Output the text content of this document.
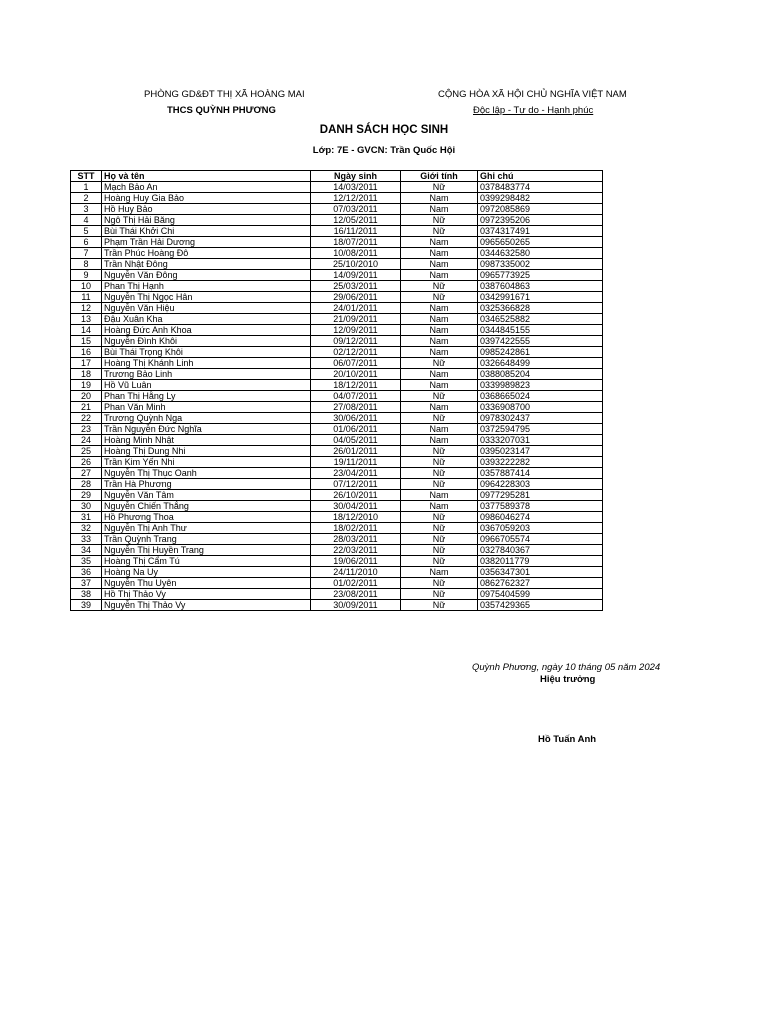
PHÒNG GD&ĐT THỊ XÃ HOÀNG MAI
THCS QUỲNH PHƯƠNG
CỘNG HÒA XÃ HỘI CHỦ NGHĨA VIỆT NAM
Độc lập - Tự do - Hạnh phúc
DANH SÁCH HỌC SINH
Lớp: 7E - GVCN: Trần Quốc Hội
STT	Họ và tên	Ngày sinh	Giới tính	Ghi chú
1	Mạch Bảo An	14/03/2011	Nữ	0378483774
2	Hoàng Huy Gia Bảo	12/12/2011	Nam	0399298482
3	Hồ Huy Bảo	07/03/2011	Nam	0972085869
4	Ngô Thị Hải Băng	12/05/2011	Nữ	0972395206
5	Bùi Thái Khởi Chi	16/11/2011	Nữ	0374317491
6	Phạm Trần Hải Dương	18/07/2011	Nam	0965650265
7	Trần Phúc Hoàng Đô	10/08/2011	Nam	0344632580
8	Trần Nhật Đông	25/10/2010	Nam	0987335002
9	Nguyễn Văn Đông	14/09/2011	Nam	0965773925
10	Phan Thị Hạnh	25/03/2011	Nữ	0387604863
11	Nguyễn Thị Ngọc Hân	29/06/2011	Nữ	0342991671
12	Nguyễn Văn Hiệu	24/01/2011	Nam	0325366828
13	Đậu Xuân Kha	21/09/2011	Nam	0346525882
14	Hoàng Đức Anh Khoa	12/09/2011	Nam	0344845155
15	Nguyễn Đình Khôi	09/12/2011	Nam	0397422555
16	Bùi Thái Trọng Khôi	02/12/2011	Nam	0985242861
17	Hoàng Thị Khánh Linh	06/07/2011	Nữ	0326648499
18	Trương Bảo Linh	20/10/2011	Nam	0388085204
19	Hồ Vũ Luân	18/12/2011	Nam	0339989823
20	Phan Thị Hằng Ly	04/07/2011	Nữ	0368665024
21	Phan Văn Minh	27/08/2011	Nam	0336908700
22	Trương Quỳnh Nga	30/06/2011	Nữ	0978302437
23	Trần Nguyễn Đức Nghĩa	01/06/2011	Nam	0372594795
24	Hoàng Minh Nhật	04/05/2011	Nam	0333207031
25	Hoàng Thị Dung Nhi	26/01/2011	Nữ	0395023147
26	Trần Kim Yến Nhi	19/11/2011	Nữ	0393222282
27	Nguyễn Thị Thục Oanh	23/04/2011	Nữ	0357887414
28	Trần Hà Phương	07/12/2011	Nữ	0964228303
29	Nguyễn Văn Tâm	26/10/2011	Nam	0977295281
30	Nguyễn Chiến Thắng	30/04/2011	Nam	0377589378
31	Hồ Phương Thoa	18/12/2010	Nữ	0986046274
32	Nguyễn Thị Anh Thư	18/02/2011	Nữ	0367059203
33	Trần Quỳnh Trang	28/03/2011	Nữ	0966705574
34	Nguyễn Thị Huyền Trang	22/03/2011	Nữ	0327840367
35	Hoàng Thị Cẩm Tú	19/06/2011	Nữ	0382011779
36	Hoàng Na Uy	24/11/2010	Nam	0356347301
37	Nguyễn Thu Uyên	01/02/2011	Nữ	0862762327
38	Hồ Thị Thảo Vy	23/08/2011	Nữ	0975404599
39	Nguyễn Thị Thảo Vy	30/09/2011	Nữ	0357429365
Quỳnh Phương, ngày 10 tháng 05 năm 2024
Hiệu trưởng
Hồ Tuấn Anh
